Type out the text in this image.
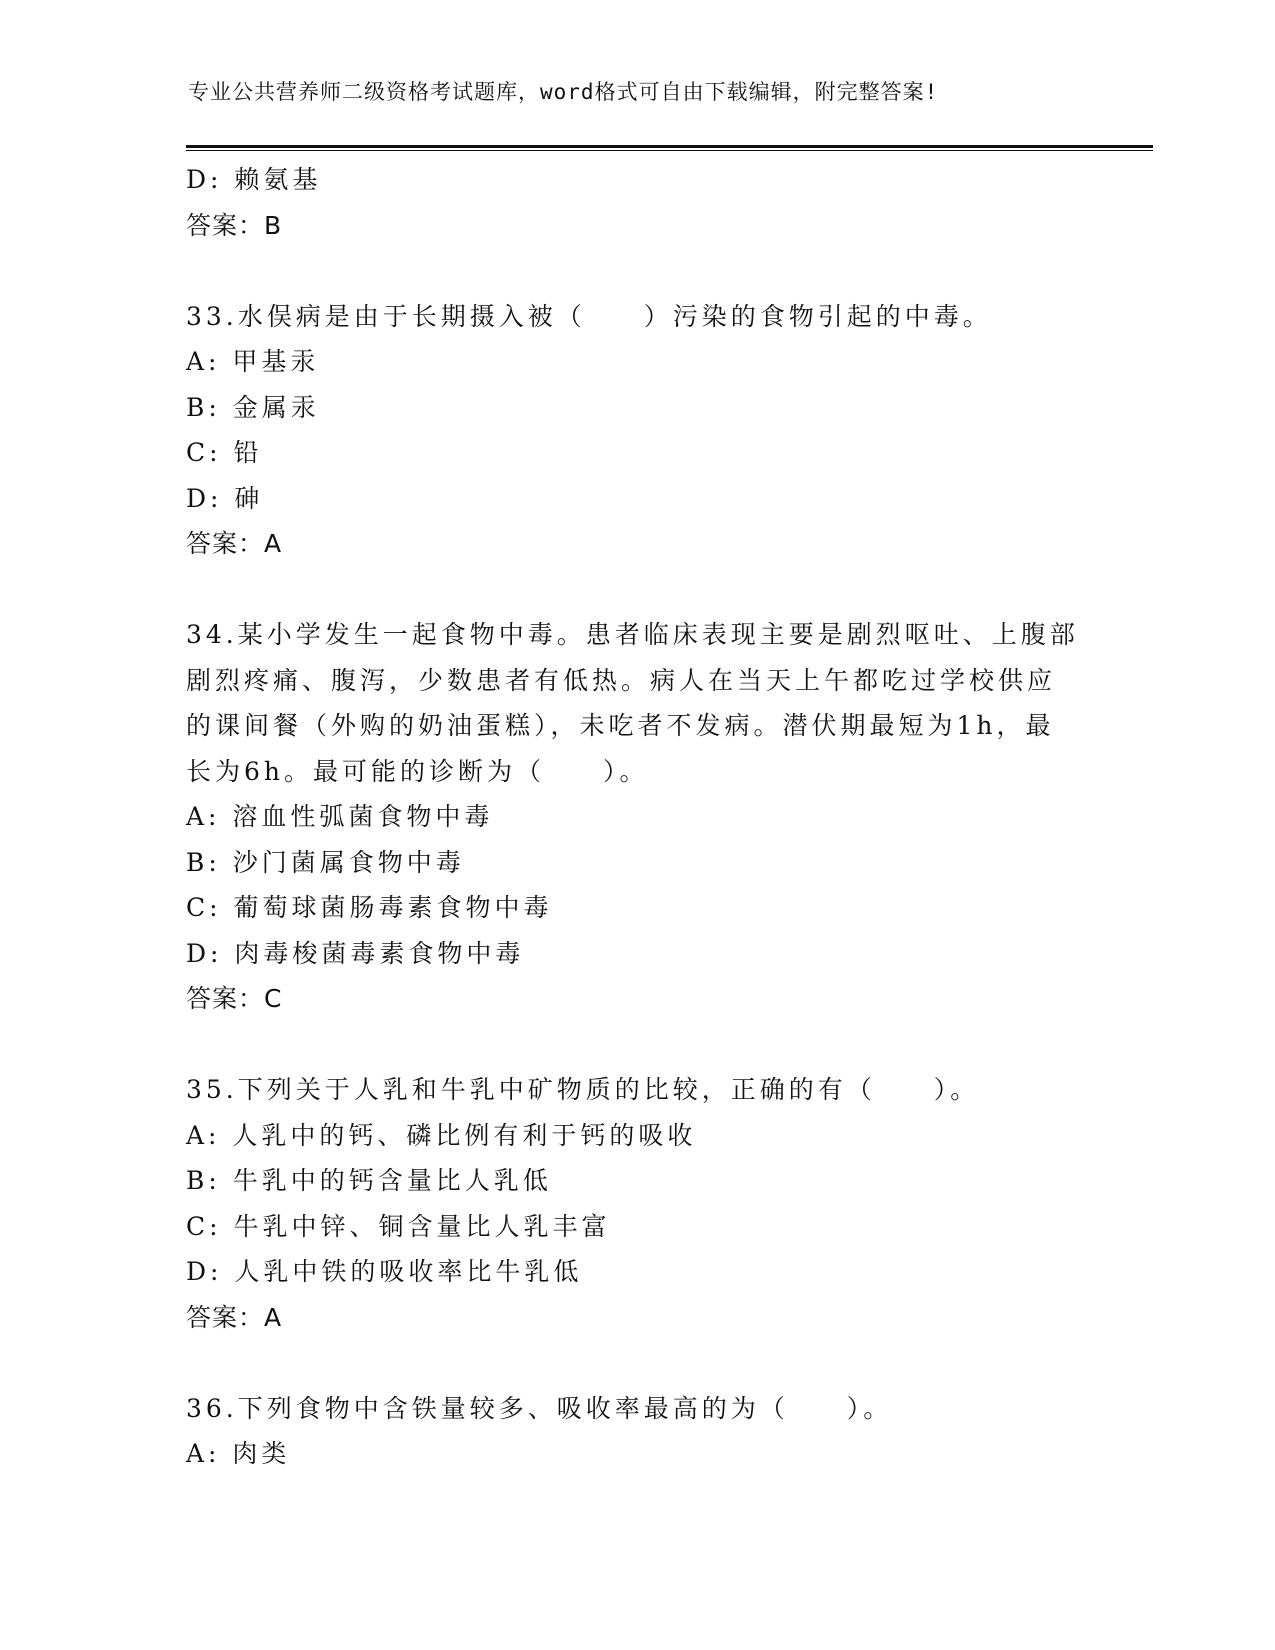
专业公共营养师二级资格考试题库，word格式可自由下载编辑，附完整答案!
D: 赖氨基
答案：B
33.水俣病是由于长期摄入被（　　）污染的食物引起的中毒。
A: 甲基汞
B: 金属汞
C: 铅
D: 砷
答案：A
34.某小学发生一起食物中毒。患者临床表现主要是剧烈呕吐、上腹部
剧烈疼痛、腹泻，少数患者有低热。病人在当天上午都吃过学校供应
的课间餐（外购的奶油蛋糕），未吃者不发病。潜伏期最短为1h，最
长为6h。最可能的诊断为（　　）。
A: 溶血性弧菌食物中毒
B: 沙门菌属食物中毒
C: 葡萄球菌肠毒素食物中毒
D: 肉毒梭菌毒素食物中毒
答案：C
35.下列关于人乳和牛乳中矿物质的比较，正确的有（　　）。
A: 人乳中的钙、磷比例有利于钙的吸收
B: 牛乳中的钙含量比人乳低
C: 牛乳中锌、铜含量比人乳丰富
D: 人乳中铁的吸收率比牛乳低
答案：A
36.下列食物中含铁量较多、吸收率最高的为（　　）。
A: 肉类
